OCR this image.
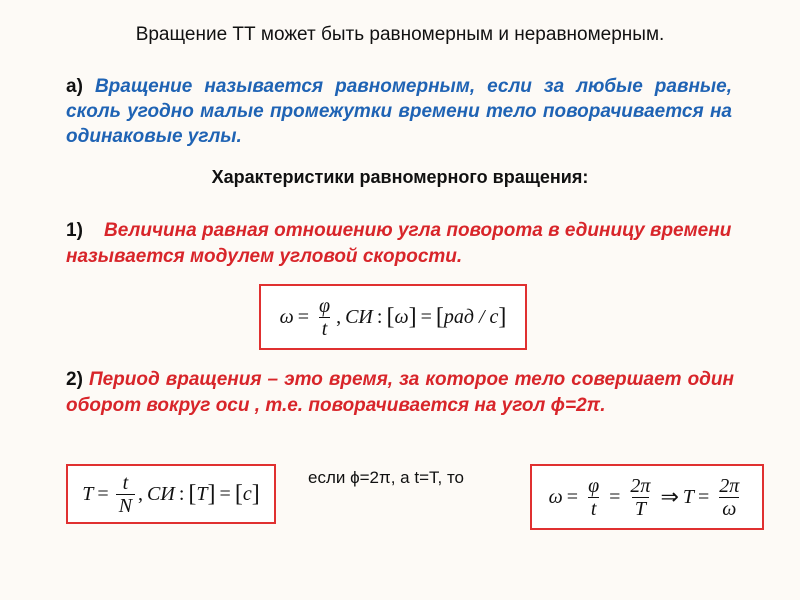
Вращение ТТ может быть равномерным и неравномерным.
а) Вращение называется равномерным, если за любые равные, сколь угодно малые промежутки времени тело поворачивается на одинаковые углы.
Характеристики равномерного вращения:
1) Величина равная отношению угла поворота в единицу времени называется модулем угловой скорости.
$\omega = \frac{\varphi}{t}$ , СИ : [ ω ] = [ рад / с ]
2) Период вращения – это время, за которое тело совершает один оборот вокруг оси , т.е. поворачивается на угол ϕ=2π.
$T = \frac{t}{N}$ , СИ : [ T ] = [ c ]
если ϕ=2π, а t=T, то
$\omega = \frac{\varphi}{t} = \frac{2\pi}{T}$ ⇒ $T = \frac{2\pi}{\omega}$
